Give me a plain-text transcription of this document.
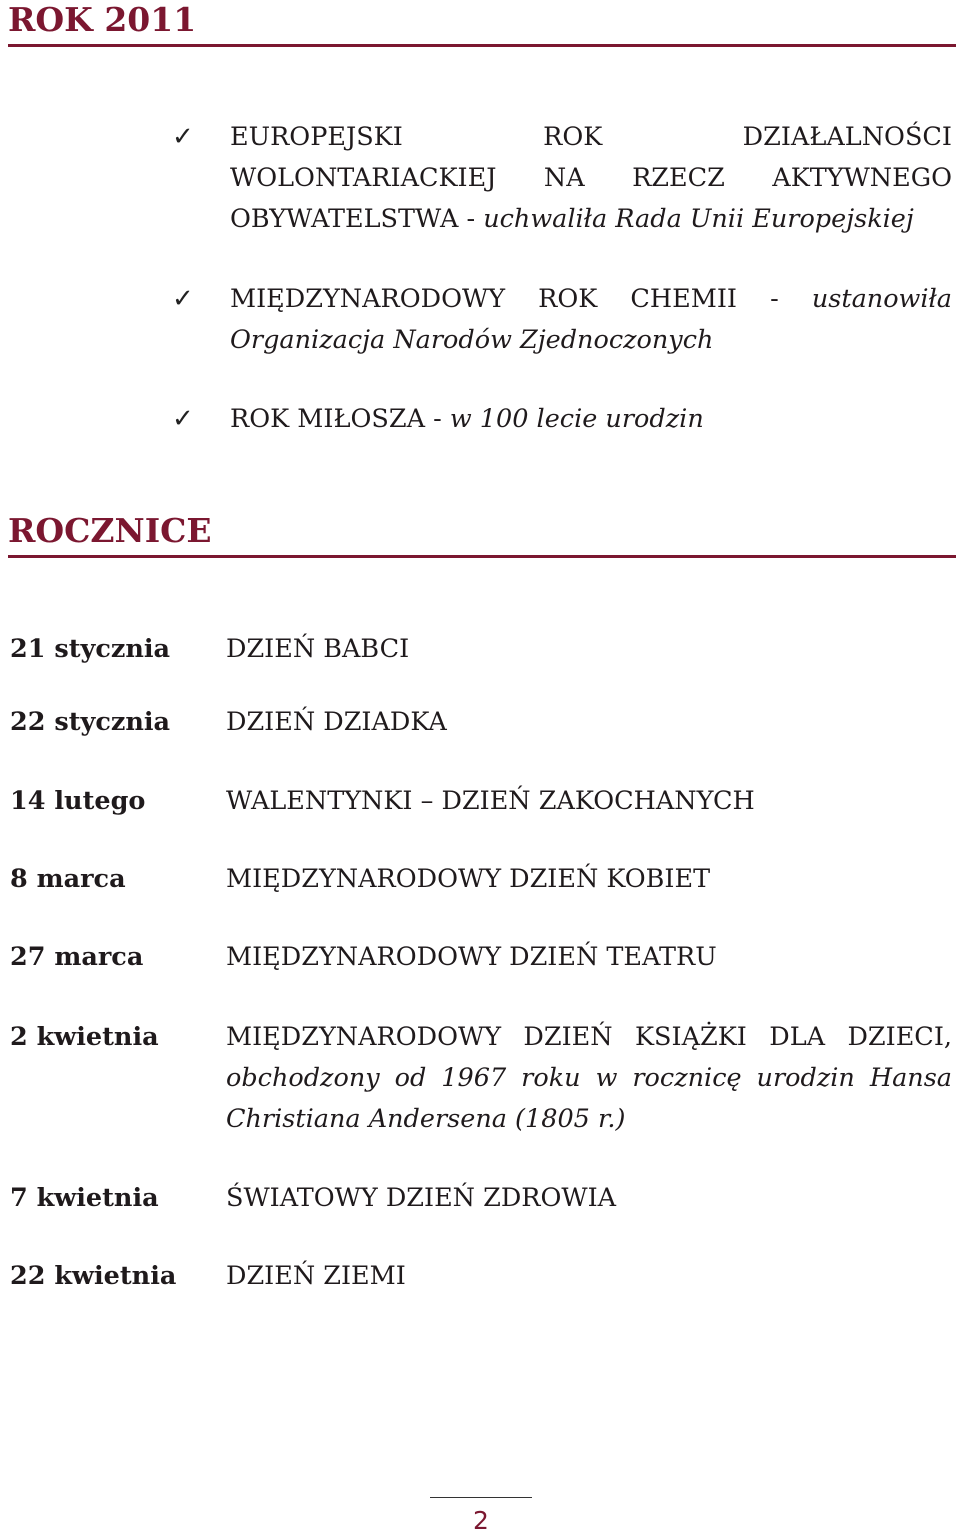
ROK 2011
✓	EUROPEJSKI ROK DZIAŁALNOŚCI WOLONTARIACKIEJ NA RZECZ AKTYWNEGO OBYWATELSTWA - uchwaliła Rada Unii Europejskiej
✓	MIĘDZYNARODOWY ROK CHEMII - ustanowiła Organizacja Narodów Zjednoczonych
✓	ROK MIŁOSZA - w 100 lecie urodzin
ROCZNICE
21 stycznia DZIEŃ BABCI
22 stycznia DZIEŃ DZIADKA
14 lutego	WALENTYNKI – DZIEŃ ZAKOCHANYCH
8 marca	MIĘDZYNARODOWY DZIEŃ KOBIET
27 marca	MIĘDZYNARODOWY DZIEŃ TEATRU
2 kwietnia	MIĘDZYNARODOWY DZIEŃ KSIĄŻKI DLA DZIECI, obchodzony od 1967 roku w rocznicę urodzin Hansa Christiana Andersena (1805 r.)
7 kwietnia	ŚWIATOWY DZIEŃ ZDROWIA
22 kwietnia DZIEŃ ZIEMI
2
